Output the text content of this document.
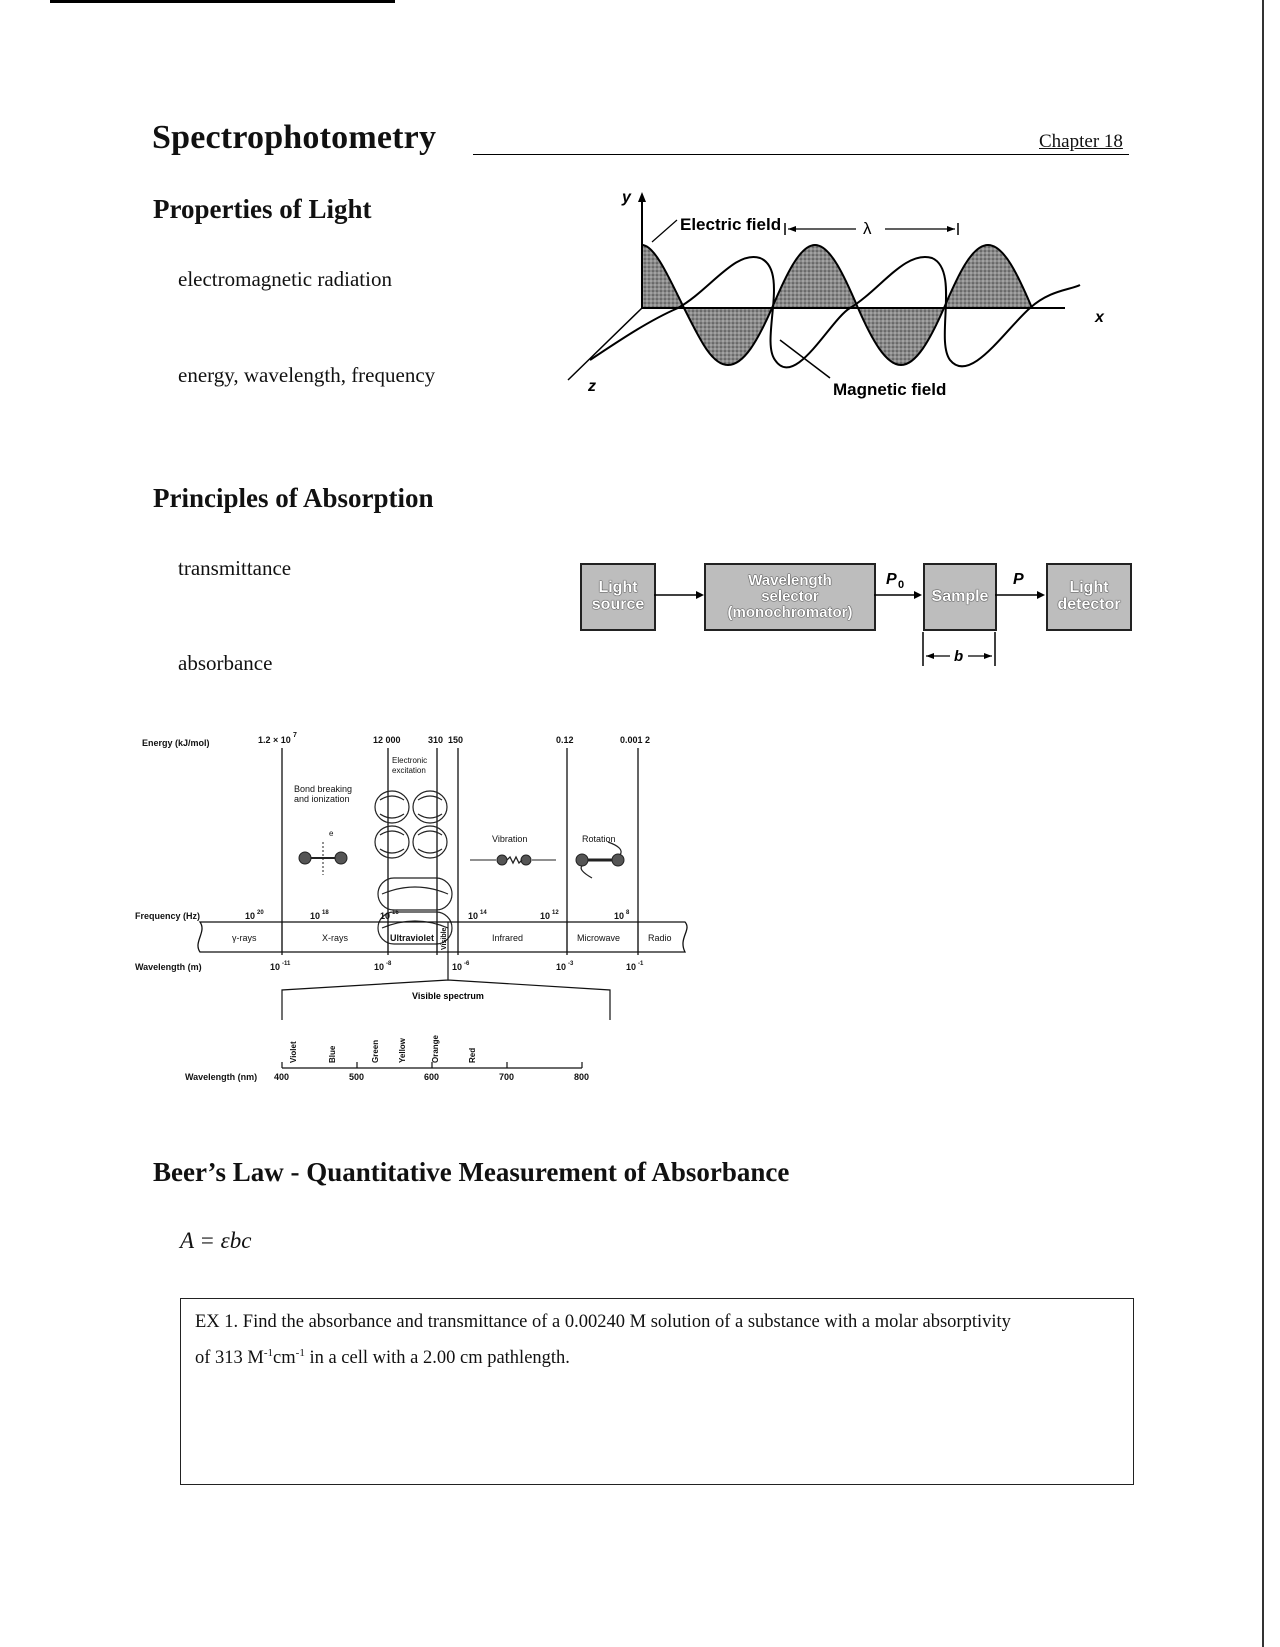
Spectrophotometry	Chapter 18
Properties of Light
electromagnetic radiation
energy, wavelength, frequency
y
x
z
Electric field	λ
Magnetic field
Principles of Absorption
transmittance
absorbance
Light
source
Wavelength
selector
(monochromator)
Sample	Light
detector
P 0	P
b
Energy (kJ/mol)	1.2 × 10 7	12 000	310 150	0.12	0.001 2
Bond breaking
and ionization
Electronic
excitation
Vibration	Rotation
e
Frequency (Hz)	10 20	10 18	10 16	10 14	10 12	10 8
γ-rays	X-rays	Ultraviolet Visible	Infrared	Microwave	Radio
Wavelength (m)	10 -11	10 -8	10 -6	10 -3	10 -1
Visible spectrum
Violet	Blue	Green Yellow	Orange	Red
Wavelength (nm) 400	500	600	700	800
Beer’s Law - Quantitative Measurement of Absorbance
A = εbc
EX 1. Find the absorbance and transmittance of a 0.00240 M solution of a substance with a molar absorptivity
of 313 $M^{-1}cm^{-1}$ in a cell with a 2.00 cm pathlength.
